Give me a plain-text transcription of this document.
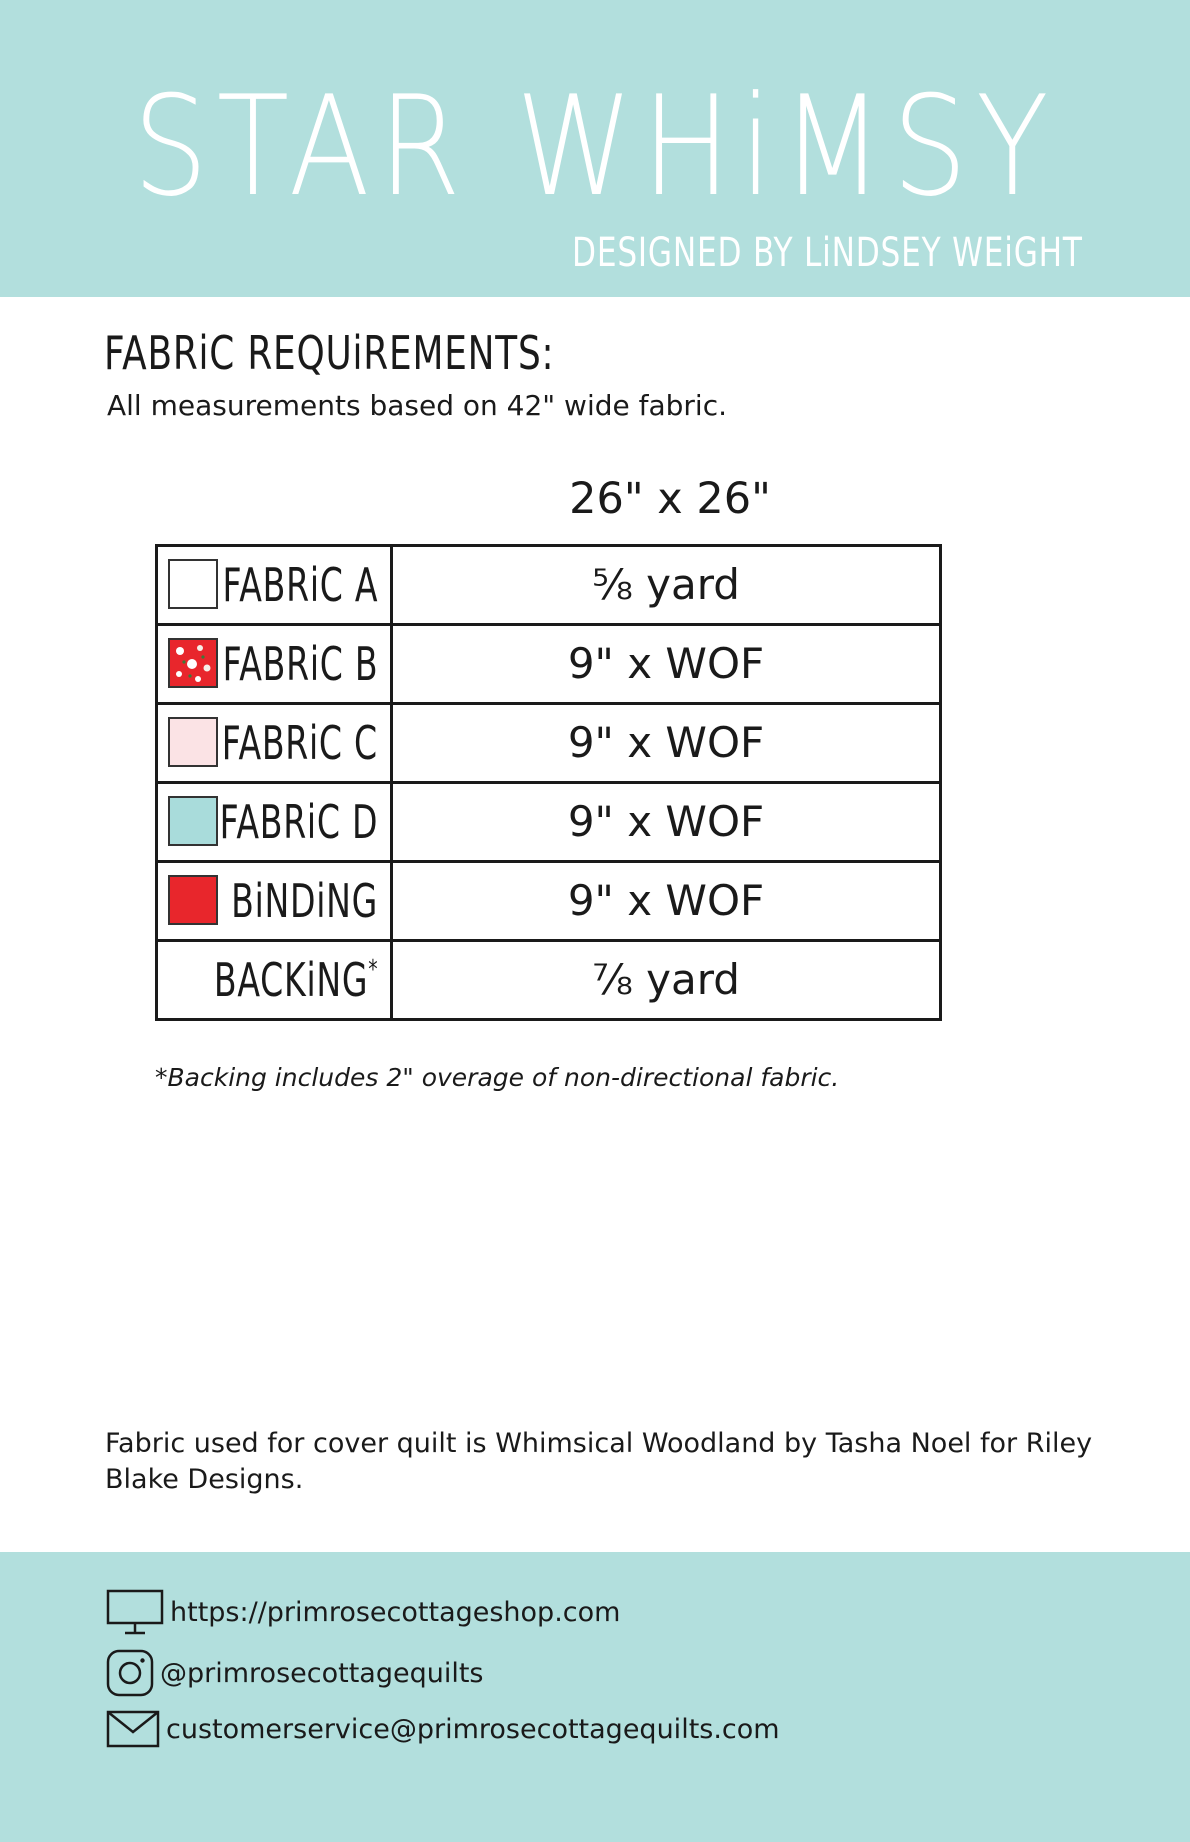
STAR WHiMSY
DESIGNED BY LiNDSEY WEiGHT
FABRiC REQUiREMENTS:
All measurements based on 42" wide fabric.
26" x 26"
FABRiC A	⅝ yard

FABRiC B	9" x WOF

FABRiC C	9" x WOF

FABRiC D	9" x WOF

BiNDiNG	9" x WOF

BACKiNG*	⅞ yard
*Backing includes 2" overage of non-directional fabric.
Fabric used for cover quilt is Whimsical Woodland by Tasha Noel for Riley Blake Designs.
https://primrosecottageshop.com
@primrosecottagequilts
customerservice@primrosecottagequilts.com
